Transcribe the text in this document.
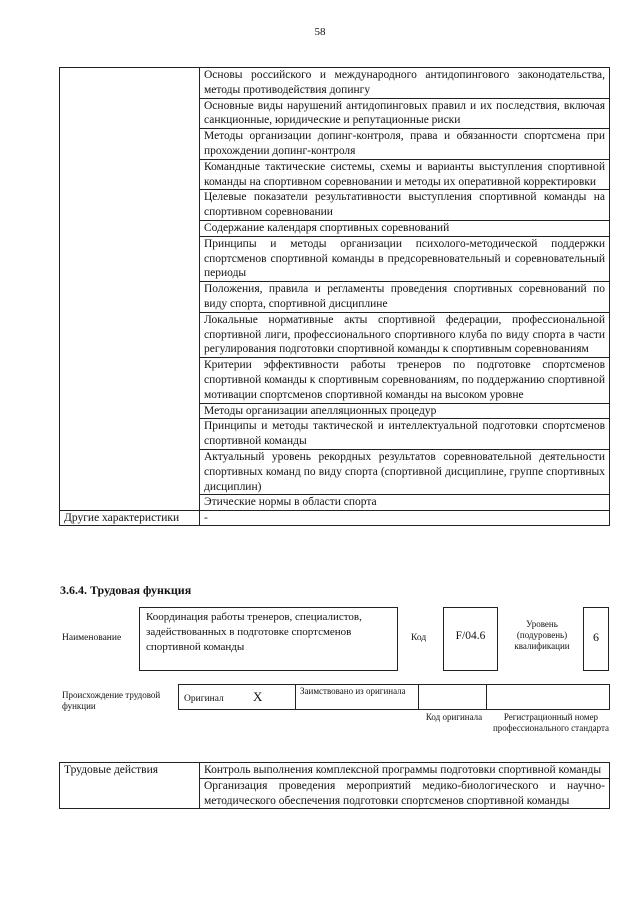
58
	Основы российского и международного антидопингового законодательства, методы противодействия допингу
	Основные виды нарушений антидопинговых правил и их последствия, включая санкционные, юридические и репутационные риски
	Методы организации допинг-контроля, права и обязанности спортсмена при прохождении допинг-контроля
	Командные тактические системы, схемы и варианты выступления спортивной команды на спортивном соревновании и методы их оперативной корректировки
	Целевые показатели результативности выступления спортивной команды на спортивном соревновании
	Содержание календаря спортивных соревнований
	Принципы и методы организации психолого-методической поддержки спортсменов спортивной команды в предсоревновательный и соревновательный периоды
	Положения, правила и регламенты проведения спортивных соревнований по виду спорта, спортивной дисциплине
	Локальные нормативные акты спортивной федерации, профессиональной спортивной лиги, профессионального спортивного клуба по виду спорта в части регулирования подготовки спортивной команды к спортивным соревнованиям
	Критерии эффективности работы тренеров по подготовке спортсменов спортивной команды к спортивным соревнованиям, по поддержанию спортивной мотивации спортсменов спортивной команды на высоком уровне
	Методы организации апелляционных процедур
	Принципы и методы тактической и интеллектуальной подготовки спортсменов спортивной команды
	Актуальный уровень рекордных результатов соревновательной деятельности спортивных команд по виду спорта (спортивной дисциплине, группе спортивных дисциплин)
	Этические нормы в области спорта
Другие характеристики	-
3.6.4. Трудовая функция
Наименование
Координация работы тренеров, специалистов, задействованных в подготовке спортсменов спортивной команды
Код	F/04.6
Уровень (подуровень) квалификации
6
Происхождение трудовой функции
Оригинал X	Заимствовано из оригинала
Код оригинала	Регистрационный номер профессионального стандарта
Трудовые действия	Контроль выполнения комплексной программы подготовки спортивной команды
Организация проведения мероприятий медико-биологического и научно-методического обеспечения подготовки спортсменов спортивной команды
